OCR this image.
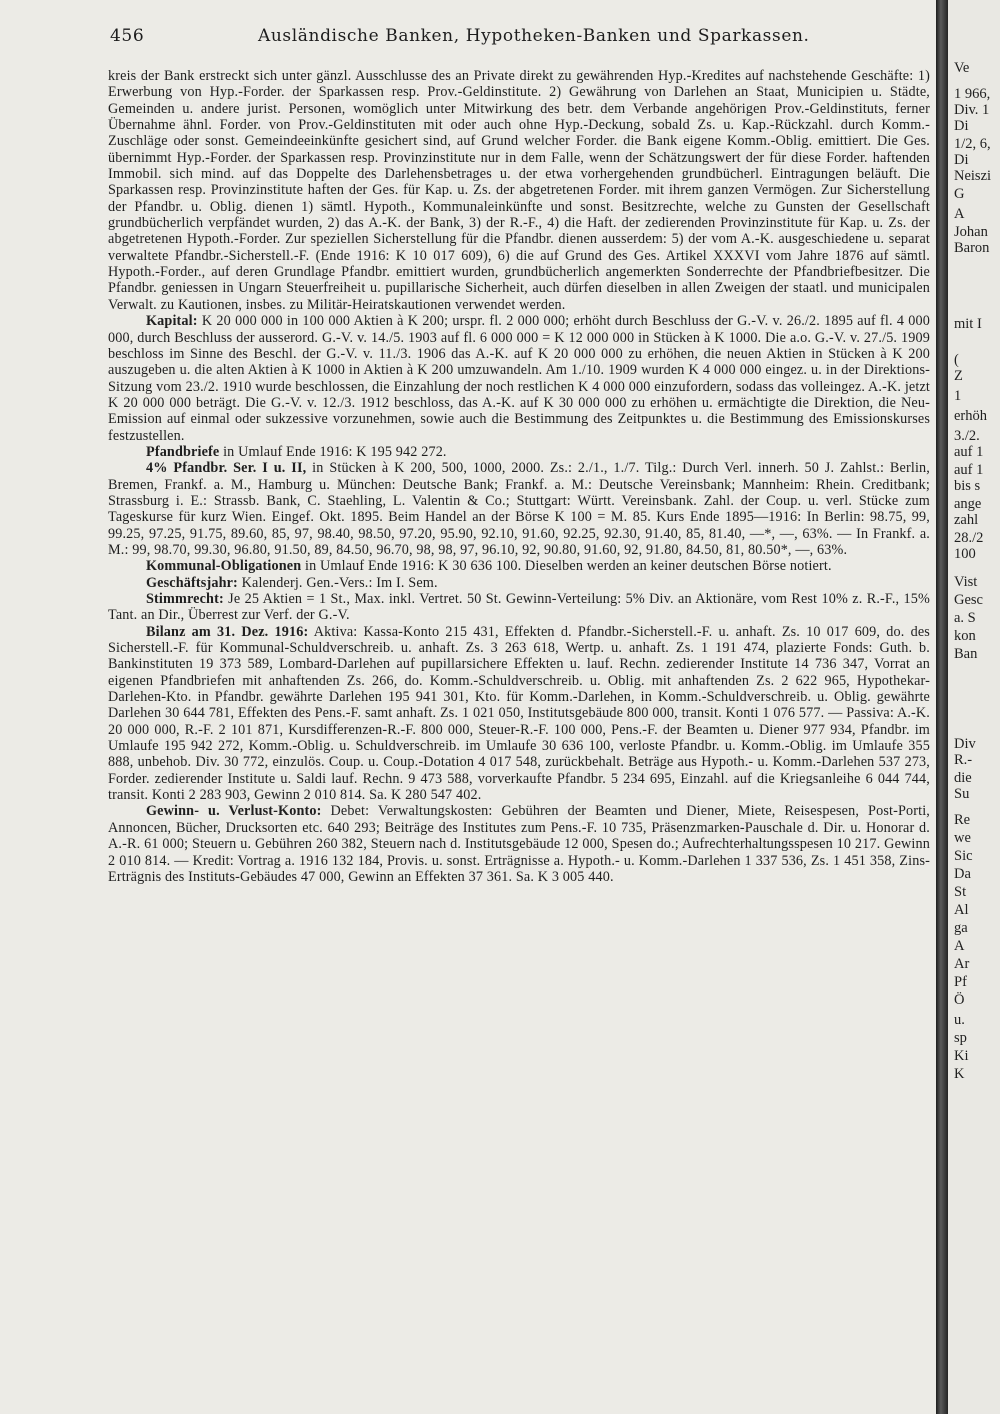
456	Ausländische Banken, Hypotheken-Banken und Sparkassen.

kreis der Bank erstreckt sich unter gänzl. Ausschlusse des an Private direkt zu gewährenden Hyp.-Kredites auf nachstehende Geschäfte: 1) Erwerbung von Hyp.-Forder. der Sparkassen resp. Prov.-Geldinstitute. 2) Gewährung von Darlehen an Staat, Municipien u. Städte, Gemeinden u. andere jurist. Personen, womöglich unter Mitwirkung des betr. dem Verbande angehörigen Prov.-Geldinstituts, ferner Übernahme ähnl. Forder. von Prov.-Geldinstituten mit oder auch ohne Hyp.-Deckung, sobald Zs. u. Kap.-Rückzahl. durch Komm.-Zuschläge oder sonst. Gemeindeeinkünfte gesichert sind, auf Grund welcher Forder. die Bank eigene Komm.-Oblig. emittiert. Die Ges. übernimmt Hyp.-Forder. der Sparkassen resp. Provinzinstitute nur in dem Falle, wenn der Schätzungswert der für diese Forder. haftenden Immobil. sich mind. auf das Doppelte des Darlehensbetrages u. der etwa vorhergehenden grundbücherl. Eintragungen beläuft. Die Sparkassen resp. Provinzinstitute haften der Ges. für Kap. u. Zs. der abgetretenen Forder. mit ihrem ganzen Vermögen. Zur Sicherstellung der Pfandbr. u. Oblig. dienen 1) sämtl. Hypoth., Kommunaleinkünfte und sonst. Besitzrechte, welche zu Gunsten der Gesellschaft grundbücherlich verpfändet wurden, 2) das A.-K. der Bank, 3) der R.-F., 4) die Haft. der zedierenden Provinzinstitute für Kap. u. Zs. der abgetretenen Hypoth.-Forder. Zur speziellen Sicherstellung für die Pfandbr. dienen ausserdem: 5) der vom A.-K. ausgeschiedene u. separat verwaltete Pfandbr.-Sicherstell.-F. (Ende 1916: K 10 017 609), 6) die auf Grund des Ges. Artikel XXXVI vom Jahre 1876 auf sämtl. Hypoth.-Forder., auf deren Grundlage Pfandbr. emittiert wurden, grundbücherlich angemerkten Sonderrechte der Pfandbriefbesitzer. Die Pfandbr. geniessen in Ungarn Steuerfreiheit u. pupillarische Sicherheit, auch dürfen dieselben in allen Zweigen der staatl. und municipalen Verwalt. zu Kautionen, insbes. zu Militär-Heiratskautionen verwendet werden.

Kapital: K 20 000 000 in 100 000 Aktien à K 200; urspr. fl. 2 000 000; erhöht durch Beschluss der G.-V. v. 26./2. 1895 auf fl. 4 000 000, durch Beschluss der ausserord. G.-V. v. 14./5. 1903 auf fl. 6 000 000 = K 12 000 000 in Stücken à K 1000. Die a.o. G.-V. v. 27./5. 1909 beschloss im Sinne des Beschl. der G.-V. v. 11./3. 1906 das A.-K. auf K 20 000 000 zu erhöhen, die neuen Aktien in Stücken à K 200 auszugeben u. die alten Aktien à K 1000 in Aktien à K 200 umzuwandeln. Am 1./10. 1909 wurden K 4 000 000 eingez. u. in der Direktions-Sitzung vom 23./2. 1910 wurde beschlossen, die Einzahlung der noch restlichen K 4 000 000 einzufordern, sodass das volleingez. A.-K. jetzt K 20 000 000 beträgt. Die G.-V. v. 12./3. 1912 beschloss, das A.-K. auf K 30 000 000 zu erhöhen u. ermächtigte die Direktion, die Neu-Emission auf einmal oder sukzessive vorzunehmen, sowie auch die Bestimmung des Zeitpunktes u. die Bestimmung des Emissionskurses festzustellen.

Pfandbriefe in Umlauf Ende 1916: K 195 942 272.

4% Pfandbr. Ser. I u. II, in Stücken à K 200, 500, 1000, 2000. Zs.: 2./1., 1./7. Tilg.: Durch Verl. innerh. 50 J. Zahlst.: Berlin, Bremen, Frankf. a. M., Hamburg u. München: Deutsche Bank; Frankf. a. M.: Deutsche Vereinsbank; Mannheim: Rhein. Creditbank; Strassburg i. E.: Strassb. Bank, C. Staehling, L. Valentin & Co.; Stuttgart: Württ. Vereinsbank. Zahl. der Coup. u. verl. Stücke zum Tageskurse für kurz Wien. Eingef. Okt. 1895. Beim Handel an der Börse K 100 = M. 85. Kurs Ende 1895—1916: In Berlin: 98.75, 99, 99.25, 97.25, 91.75, 89.60, 85, 97, 98.40, 98.50, 97.20, 95.90, 92.10, 91.60, 92.25, 92.30, 91.40, 85, 81.40, —*, —, 63%. — In Frankf. a. M.: 99, 98.70, 99.30, 96.80, 91.50, 89, 84.50, 96.70, 98, 98, 97, 96.10, 92, 90.80, 91.60, 92, 91.80, 84.50, 81, 80.50*, —, 63%.

Kommunal-Obligationen in Umlauf Ende 1916: K 30 636 100. Dieselben werden an keiner deutschen Börse notiert.

Geschäftsjahr: Kalenderj. Gen.-Vers.: Im I. Sem.

Stimmrecht: Je 25 Aktien = 1 St., Max. inkl. Vertret. 50 St. Gewinn-Verteilung: 5% Div. an Aktionäre, vom Rest 10% z. R.-F., 15% Tant. an Dir., Überrest zur Verf. der G.-V.

Bilanz am 31. Dez. 1916: Aktiva: Kassa-Konto 215 431, Effekten d. Pfandbr.-Sicherstell.-F. u. anhaft. Zs. 10 017 609, do. des Sicherstell.-F. für Kommunal-Schuldverschreib. u. anhaft. Zs. 3 263 618, Wertp. u. anhaft. Zs. 1 191 474, plazierte Fonds: Guth. b. Bankinstituten 19 373 589, Lombard-Darlehen auf pupillarsichere Effekten u. lauf. Rechn. zedierender Institute 14 736 347, Vorrat an eigenen Pfandbriefen mit anhaftenden Zs. 266, do. Komm.-Schuldverschreib. u. Oblig. mit anhaftenden Zs. 2 622 965, Hypothekar-Darlehen-Kto. in Pfandbr. gewährte Darlehen 195 941 301, Kto. für Komm.-Darlehen, in Komm.-Schuldverschreib. u. Oblig. gewährte Darlehen 30 644 781, Effekten des Pens.-F. samt anhaft. Zs. 1 021 050, Institutsgebäude 800 000, transit. Konti 1 076 577. — Passiva: A.-K. 20 000 000, R.-F. 2 101 871, Kursdifferenzen-R.-F. 800 000, Steuer-R.-F. 100 000, Pens.-F. der Beamten u. Diener 977 934, Pfandbr. im Umlaufe 195 942 272, Komm.-Oblig. u. Schuldverschreib. im Umlaufe 30 636 100, verloste Pfandbr. u. Komm.-Oblig. im Umlaufe 355 888, unbehob. Div. 30 772, einzulös. Coup. u. Coup.-Dotation 4 017 548, zurückbehalt. Beträge aus Hypoth.- u. Komm.-Darlehen 537 273, Forder. zedierender Institute u. Saldi lauf. Rechn. 9 473 588, vorverkaufte Pfandbr. 5 234 695, Einzahl. auf die Kriegsanleihe 6 044 744, transit. Konti 2 283 903, Gewinn 2 010 814. Sa. K 280 547 402.

Gewinn- u. Verlust-Konto: Debet: Verwaltungskosten: Gebühren der Beamten und Diener, Miete, Reisespesen, Post-Porti, Annoncen, Bücher, Drucksorten etc. 640 293; Beiträge des Institutes zum Pens.-F. 10 735, Präsenzmarken-Pauschale d. Dir. u. Honorar d. A.-R. 61 000; Steuern u. Gebühren 260 382, Steuern nach d. Institutsgebäude 12 000, Spesen do.; Aufrechterhaltungsspesen 10 217. Gewinn 2 010 814. — Kredit: Vortrag a. 1916 132 184, Provis. u. sonst. Erträgnisse a. Hypoth.- u. Komm.-Darlehen 1 337 536, Zs. 1 451 358, Zins-Erträgnis des Instituts-Gebäudes 47 000, Gewinn an Effekten 37 361. Sa. K 3 005 440.

Ve
1 966,
Div. 1
Di
1/2, 6,
Di
Neiszi
G
A
Johan
Baron
mit I
(
Z
1
erhöh
3./2.
auf 1
auf 1
bis s
ange
zahl
28./2
100
Vist
Gesc
a. S
kon
Ban
Div
R.-
die
Su
Re
we
Sic
Da
St
Al
ga
A
Ar
Pf
Ö
u.
sp
Ki
K
